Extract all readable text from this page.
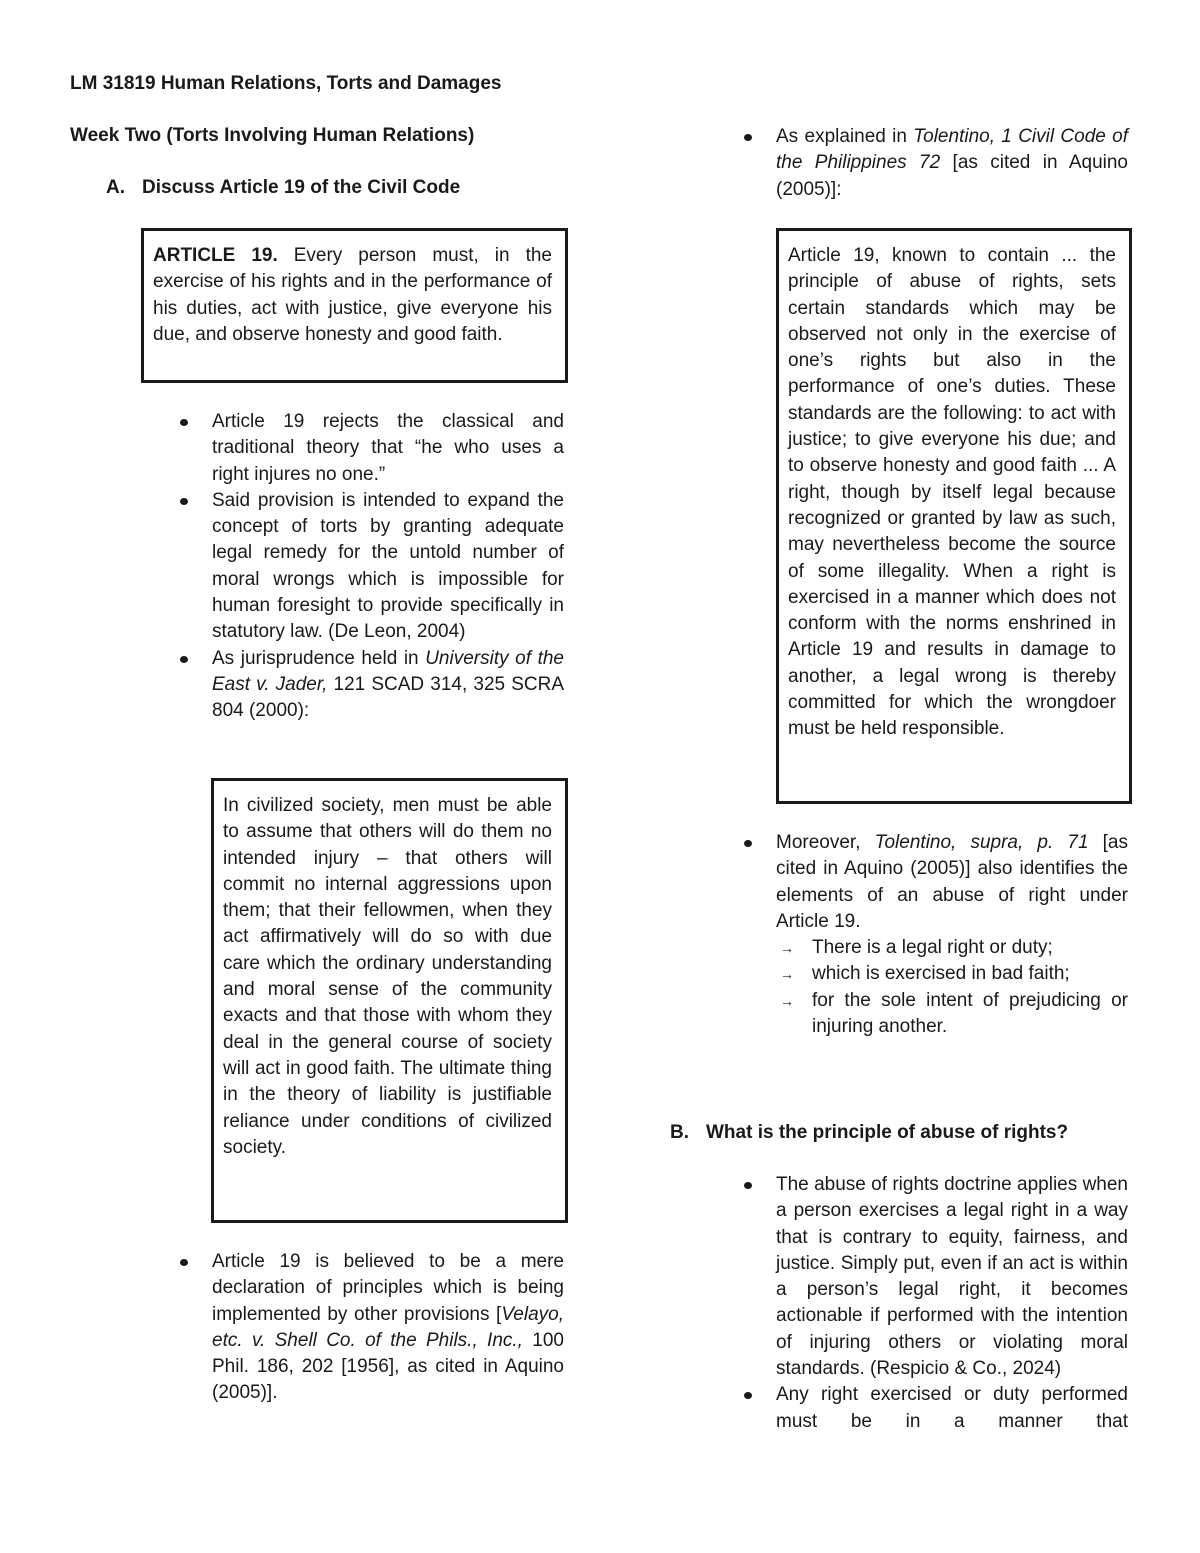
LM 31819 Human Relations, Torts and Damages
Week Two (Torts Involving Human Relations)
A. Discuss Article 19 of the Civil Code
ARTICLE 19. Every person must, in the exercise of his rights and in the performance of his duties, act with justice, give everyone his due, and observe honesty and good faith.
Article 19 rejects the classical and traditional theory that “he who uses a right injures no one.”
Said provision is intended to expand the concept of torts by granting adequate legal remedy for the untold number of moral wrongs which is impossible for human foresight to provide specifically in statutory law. (De Leon, 2004)
As jurisprudence held in University of the East v. Jader, 121 SCAD 314, 325 SCRA 804 (2000):
In civilized society, men must be able to assume that others will do them no intended injury – that others will commit no internal aggressions upon them; that their fellowmen, when they act affirmatively will do so with due care which the ordinary understanding and moral sense of the community exacts and that those with whom they deal in the general course of society will act in good faith. The ultimate thing in the theory of liability is justifiable reliance under conditions of civilized society.
Article 19 is believed to be a mere declaration of principles which is being implemented by other provisions [Velayo, etc. v. Shell Co. of the Phils., Inc., 100 Phil. 186, 202 [1956], as cited in Aquino (2005)].
As explained in Tolentino, 1 Civil Code of the Philippines 72 [as cited in Aquino (2005)]:
Article 19, known to contain ... the principle of abuse of rights, sets certain standards which may be observed not only in the exercise of one’s rights but also in the performance of one’s duties. These standards are the following: to act with justice; to give everyone his due; and to observe honesty and good faith ... A right, though by itself legal because recognized or granted by law as such, may nevertheless become the source of some illegality. When a right is exercised in a manner which does not conform with the norms enshrined in Article 19 and results in damage to another, a legal wrong is thereby committed for which the wrongdoer must be held responsible.
Moreover, Tolentino, supra, p. 71 [as cited in Aquino (2005)] also identifies the elements of an abuse of right under Article 19.
→ There is a legal right or duty;
→ which is exercised in bad faith;
→ for the sole intent of prejudicing or injuring another.
B. What is the principle of abuse of rights?
The abuse of rights doctrine applies when a person exercises a legal right in a way that is contrary to equity, fairness, and justice. Simply put, even if an act is within a person’s legal right, it becomes actionable if performed with the intention of injuring others or violating moral standards. (Respicio & Co., 2024)
Any right exercised or duty performed must be in a manner that
